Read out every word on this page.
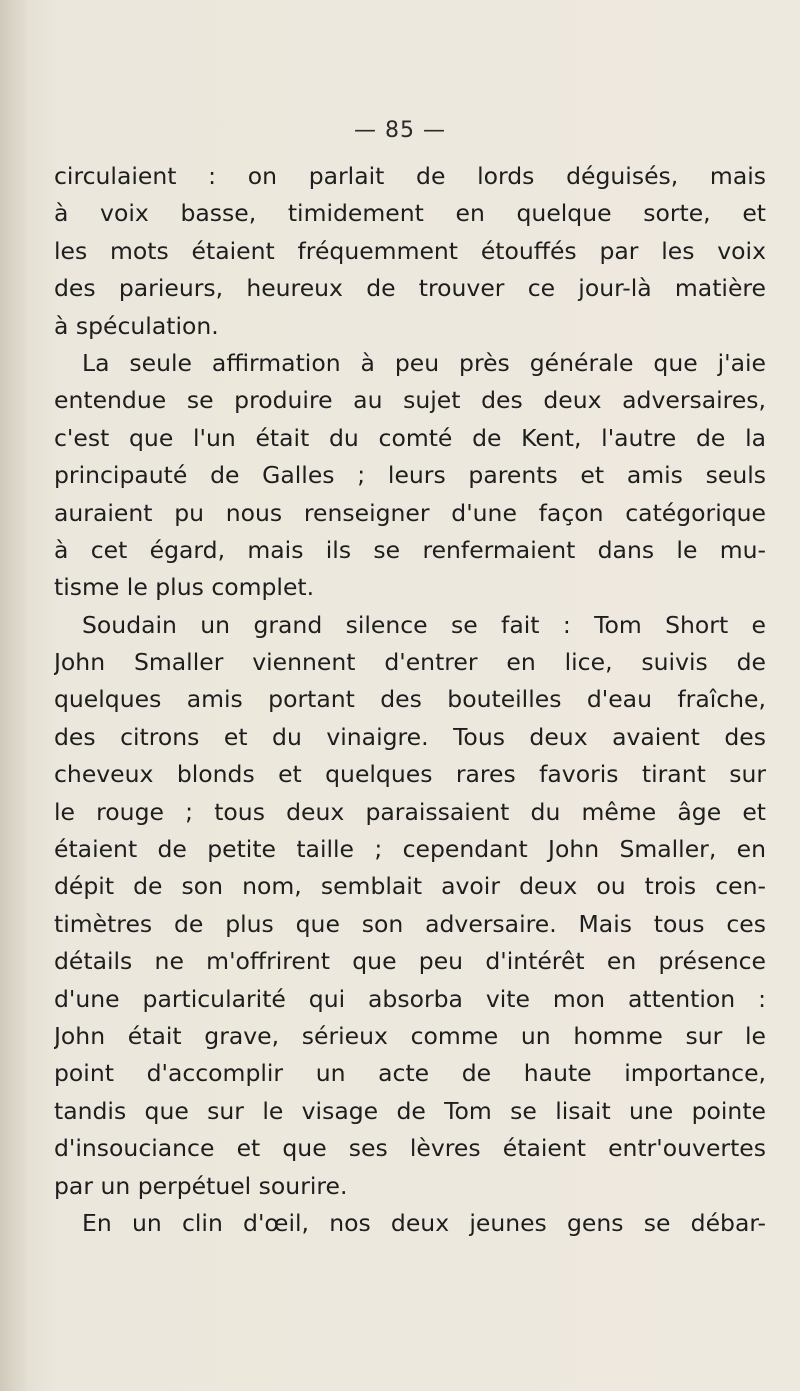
— 85 —
circulaient : on parlait de lords déguisés, mais
à voix basse, timidement en quelque sorte, et
les mots étaient fréquemment étouffés par les voix
des parieurs, heureux de trouver ce jour-là matière
à spéculation.
La seule affirmation à peu près générale que j'aie
entendue se produire au sujet des deux adversaires,
c'est que l'un était du comté de Kent, l'autre de la
principauté de Galles ; leurs parents et amis seuls
auraient pu nous renseigner d'une façon catégorique
à cet égard, mais ils se renfermaient dans le mu-
tisme le plus complet.
Soudain un grand silence se fait : Tom Short e
John Smaller viennent d'entrer en lice, suivis de
quelques amis portant des bouteilles d'eau fraîche,
des citrons et du vinaigre. Tous deux avaient des
cheveux blonds et quelques rares favoris tirant sur
le rouge ; tous deux paraissaient du même âge et
étaient de petite taille ; cependant John Smaller, en
dépit de son nom, semblait avoir deux ou trois cen-
timètres de plus que son adversaire. Mais tous ces
détails ne m'offrirent que peu d'intérêt en présence
d'une particularité qui absorba vite mon attention :
John était grave, sérieux comme un homme sur le
point d'accomplir un acte de haute importance,
tandis que sur le visage de Tom se lisait une pointe
d'insouciance et que ses lèvres étaient entr'ouvertes
par un perpétuel sourire.
En un clin d'œil, nos deux jeunes gens se débar-
